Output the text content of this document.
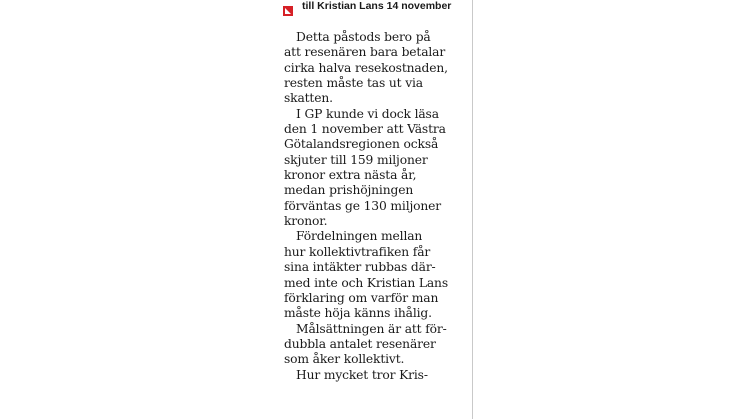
till Kristian Lans 14 november
Detta påstods bero på
att resenären bara betalar
cirka halva resekostnaden,
resten måste tas ut via
skatten.
I GP kunde vi dock läsa
den 1 november att Västra
Götalandsregionen också
skjuter till 159 miljoner
kronor extra nästa år,
medan prishöjningen
förväntas ge 130 miljoner
kronor.
Fördelningen mellan
hur kollektivtrafiken får
sina intäkter rubbas där-
med inte och Kristian Lans
förklaring om varför man
måste höja känns ihålig.
Målsättningen är att för-
dubbla antalet resenärer
som åker kollektivt.
Hur mycket tror Kris-
